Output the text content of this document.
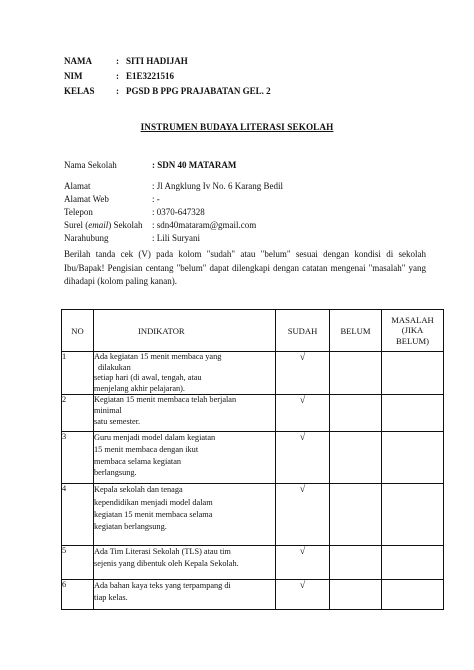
NAMA	: SITI HADIJAH
NIM	: E1E3221516
KELAS : PGSD B PPG PRAJABATAN GEL. 2
INSTRUMEN BUDAYA LITERASI SEKOLAH
Nama Sekolah	: SDN 40 MATARAM
Alamat	: Jl Angklung Iv No. 6 Karang Bedil
Alamat Web	: -
Telepon	: 0370-647328
Surel (email) Sekolah : sdn40mataram@gmail.com
Narahubung	: Lili Suryani
Berilah tanda cek (V) pada kolom "sudah" atau "belum" sesuai dengan kondisi di sekolah Ibu/Bapak! Pengisian centang "belum" dapat dilengkapi dengan catatan mengenai "masalah" yang dihadapi (kolom paling kanan).
NO	INDIKATOR	SUDAH	BELUM	MASALAH
(JIKA
BELUM)

1	Ada kegiatan 15 menit membaca yang
dilakukan
setiap hari (di awal, tengah, atau
menjelang akhir pelajaran).	√		
2	Kegiatan 15 menit membaca telah berjalan
minimal
satu semester.	√		
3	Guru menjadi model dalam kegiatan
15 menit membaca dengan ikut
membaca selama kegiatan
berlangsung.	√		
4	Kepala sekolah dan tenaga
kependidikan menjadi model dalam
kegiatan 15 menit membaca selama
kegiatan berlangsung.	√		
5	Ada Tim Literasi Sekolah (TLS) atau tim
sejenis yang dibentuk oleh Kepala Sekolah.	√		
6	Ada bahan kaya teks yang terpampang di
tiap kelas.	√		
